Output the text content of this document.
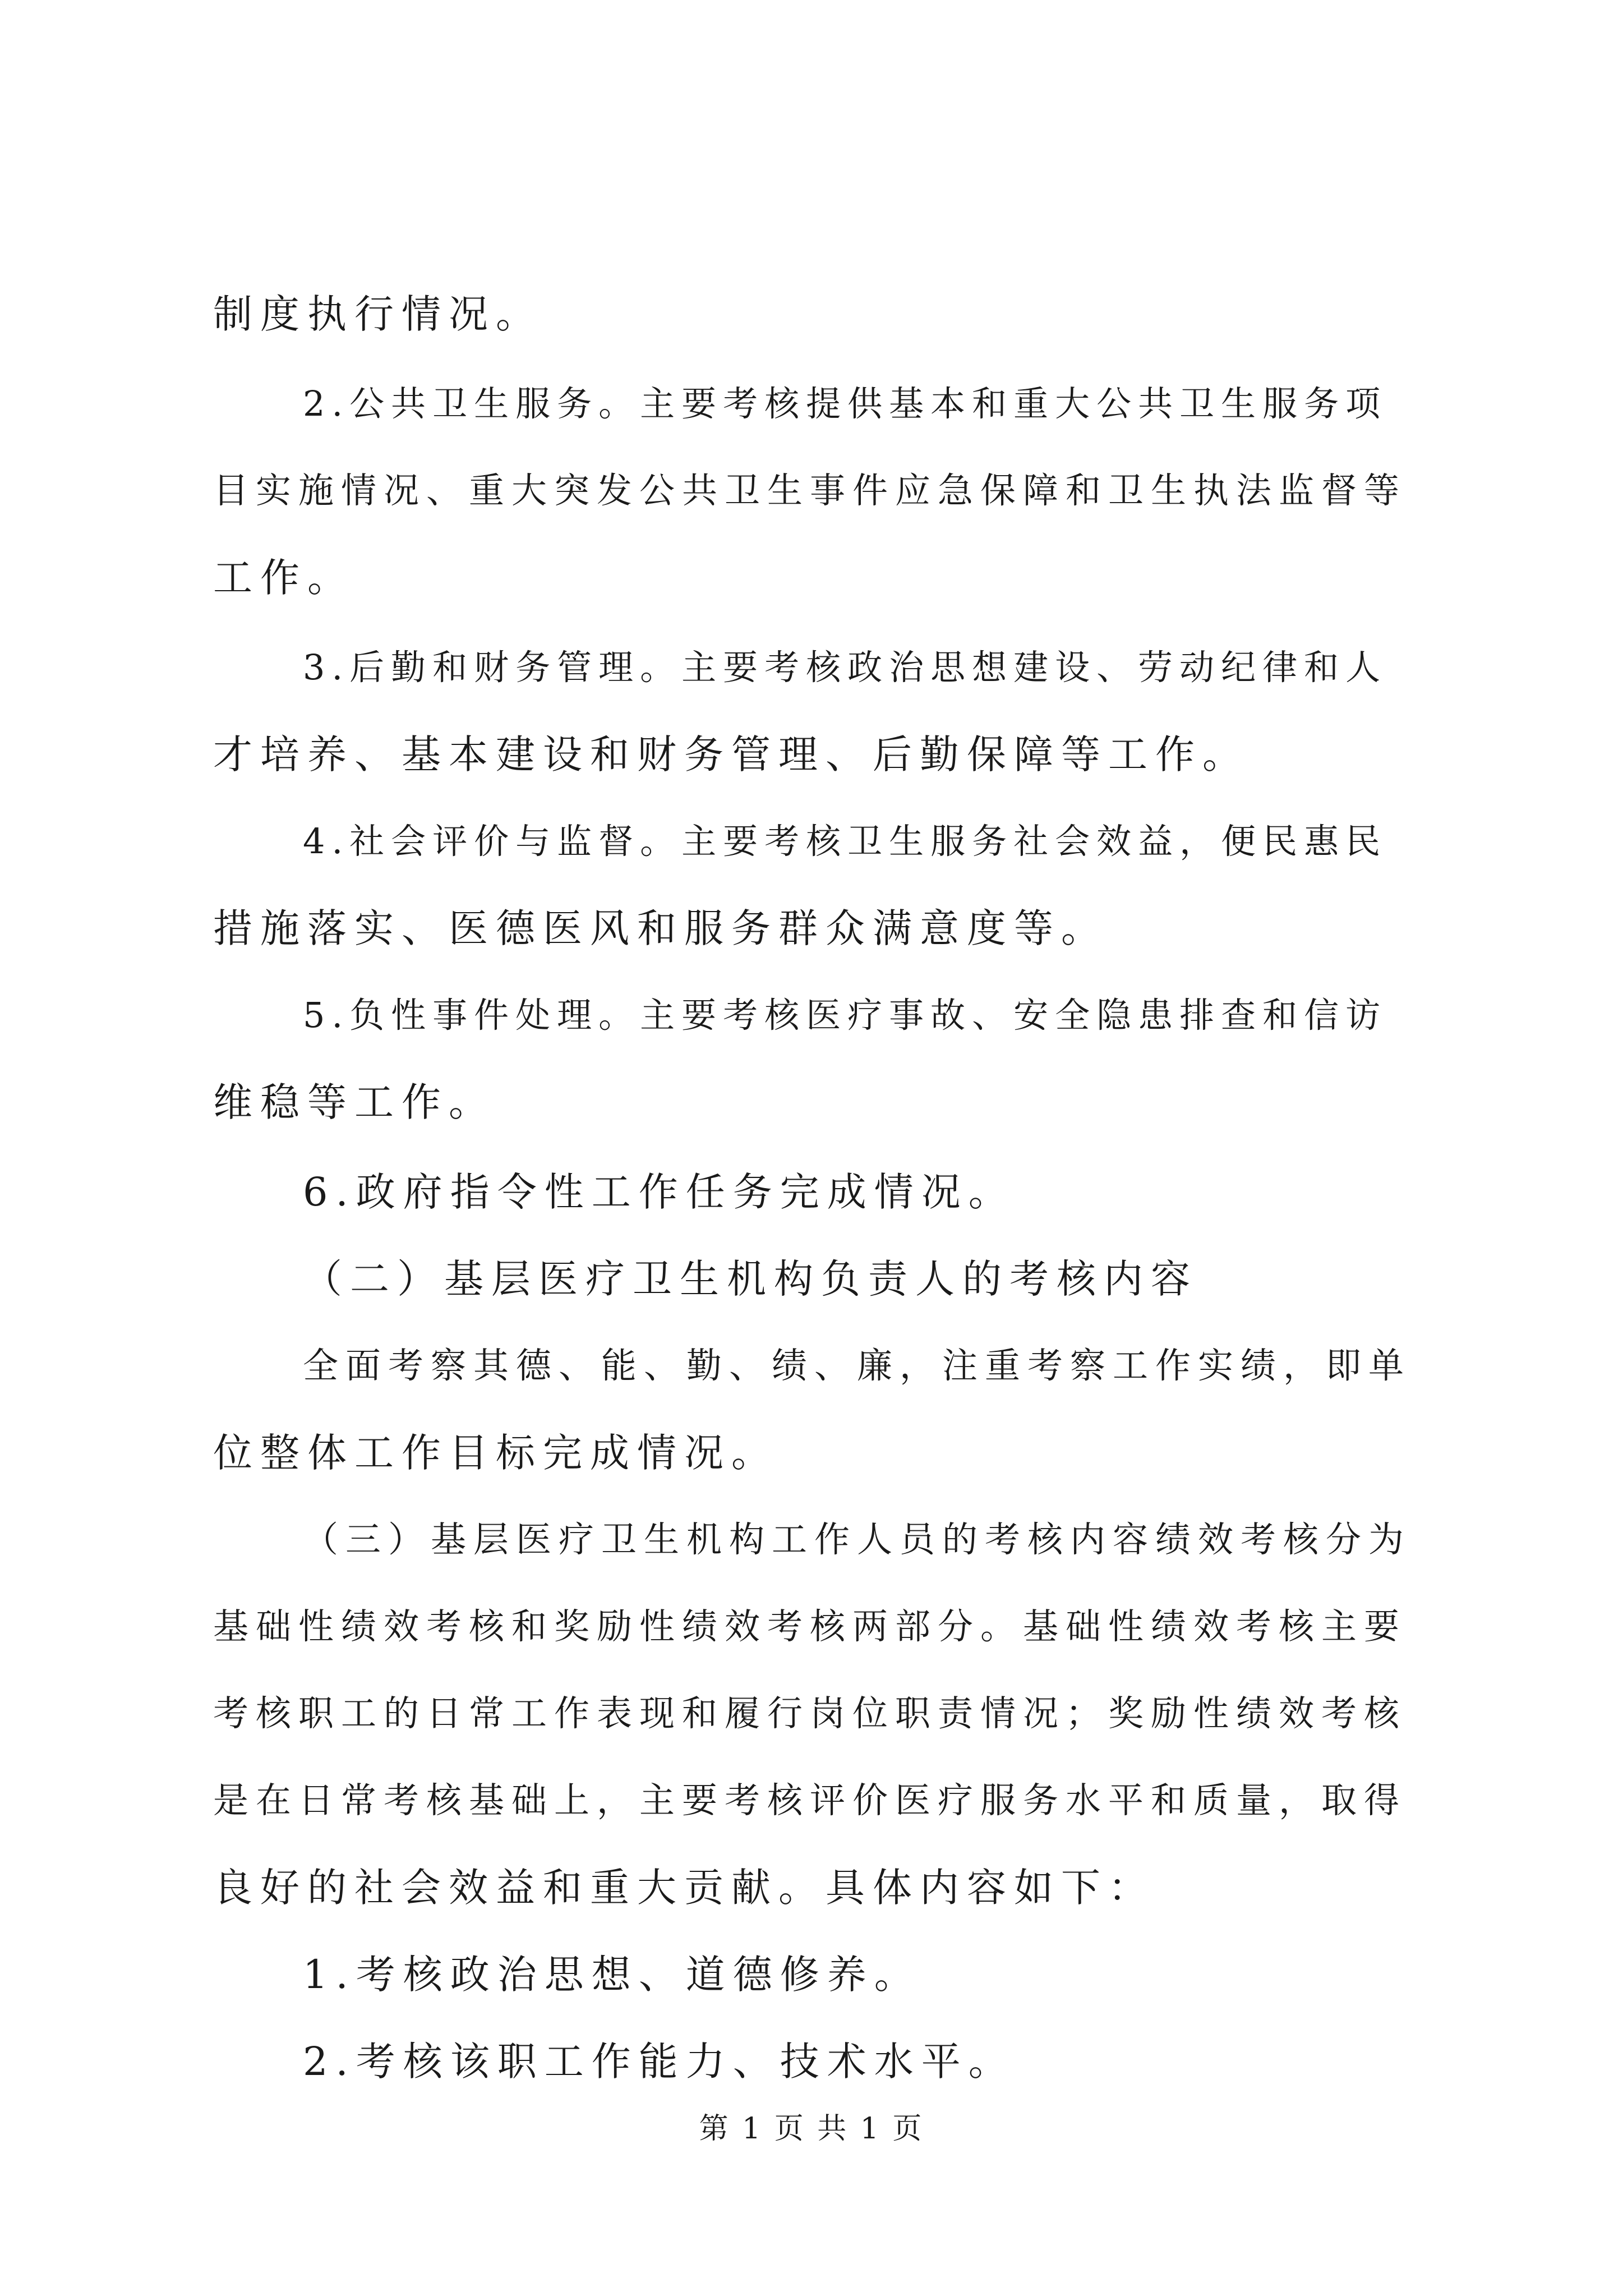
制度执行情况。
2.公共卫生服务。主要考核提供基本和重大公共卫生服务项
目实施情况、重大突发公共卫生事件应急保障和卫生执法监督等
工作。
3.后勤和财务管理。主要考核政治思想建设、劳动纪律和人
才培养、基本建设和财务管理、后勤保障等工作。
4.社会评价与监督。主要考核卫生服务社会效益，便民惠民
措施落实、医德医风和服务群众满意度等。
5.负性事件处理。主要考核医疗事故、安全隐患排查和信访
维稳等工作。
6.政府指令性工作任务完成情况。
（二）基层医疗卫生机构负责人的考核内容
全面考察其德、能、勤、绩、廉，注重考察工作实绩，即单
位整体工作目标完成情况。
（三）基层医疗卫生机构工作人员的考核内容绩效考核分为
基础性绩效考核和奖励性绩效考核两部分。基础性绩效考核主要
考核职工的日常工作表现和履行岗位职责情况；奖励性绩效考核
是在日常考核基础上，主要考核评价医疗服务水平和质量，取得
良好的社会效益和重大贡献。具体内容如下：
1.考核政治思想、道德修养。
2.考核该职工作能力、技术水平。
第 1 页 共 1 页
